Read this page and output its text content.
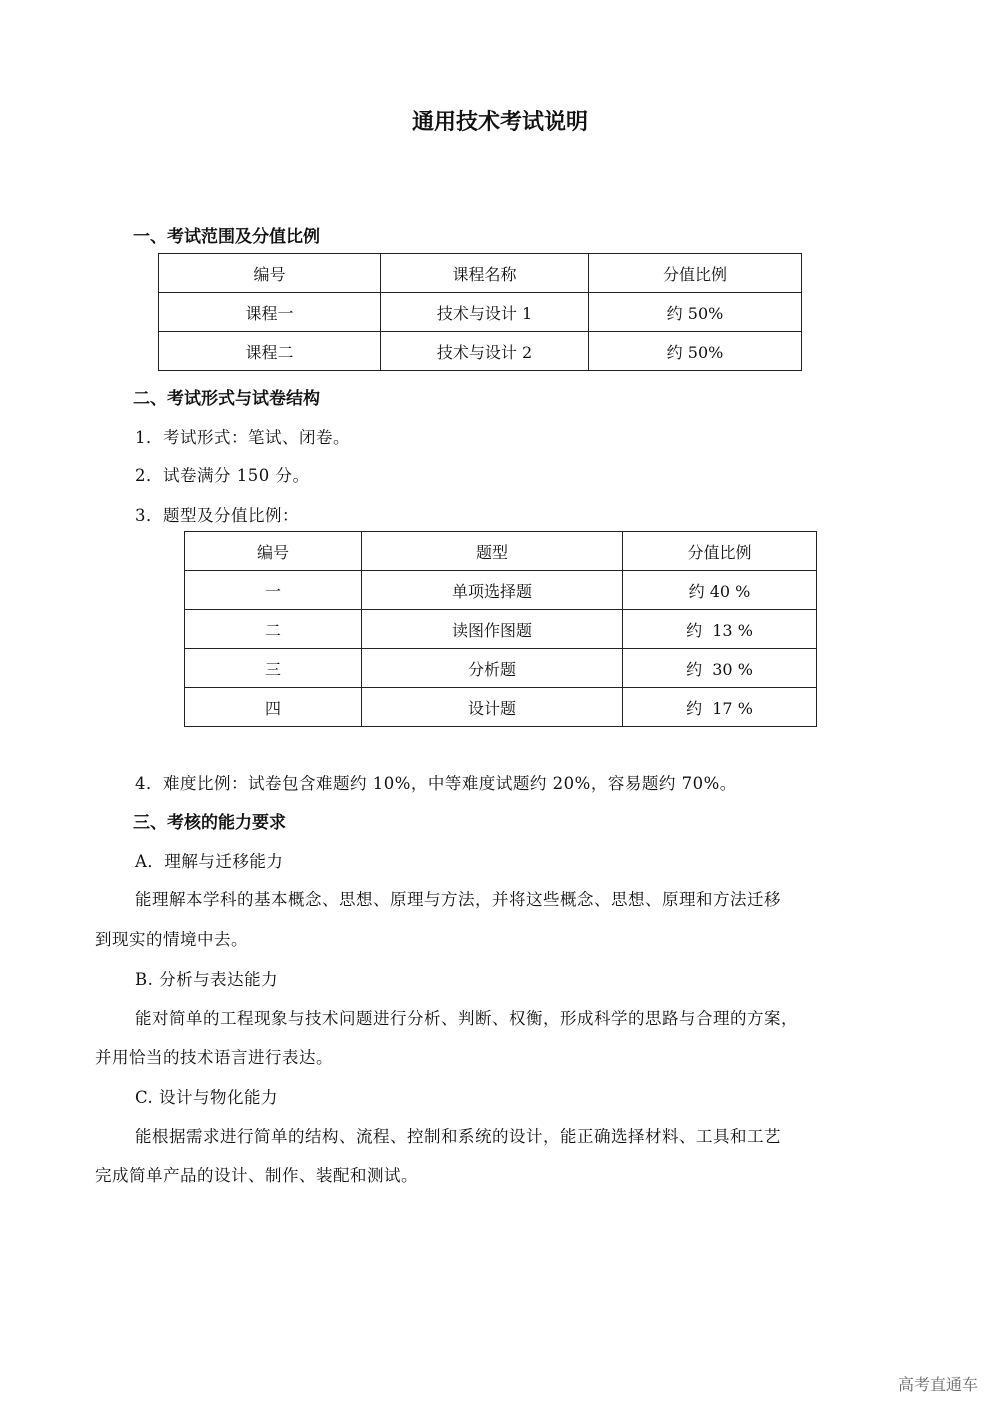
通用技术考试说明
一、考试范围及分值比例
编号	课程名称	分值比例
课程一	技术与设计 1	约 50%
课程二	技术与设计 2	约 50%
二、考试形式与试卷结构
1．考试形式：笔试、闭卷。
2．试卷满分 150 分。
3．题型及分值比例：
编号	题型	分值比例
一	单项选择题	约 40 %
二	读图作图题	约  13 %
三	分析题	约  30 %
四	设计题	约  17 %
4．难度比例：试卷包含难题约 10%，中等难度试题约 20%，容易题约 70%。
三、考核的能力要求
A．理解与迁移能力
能理解本学科的基本概念、思想、原理与方法，并将这些概念、思想、原理和方法迁移
到现实的情境中去。
B. 分析与表达能力
能对简单的工程现象与技术问题进行分析、判断、权衡，形成科学的思路与合理的方案，
并用恰当的技术语言进行表达。
C. 设计与物化能力
能根据需求进行简单的结构、流程、控制和系统的设计，能正确选择材料、工具和工艺
完成简单产品的设计、制作、装配和测试。
高考直通车
